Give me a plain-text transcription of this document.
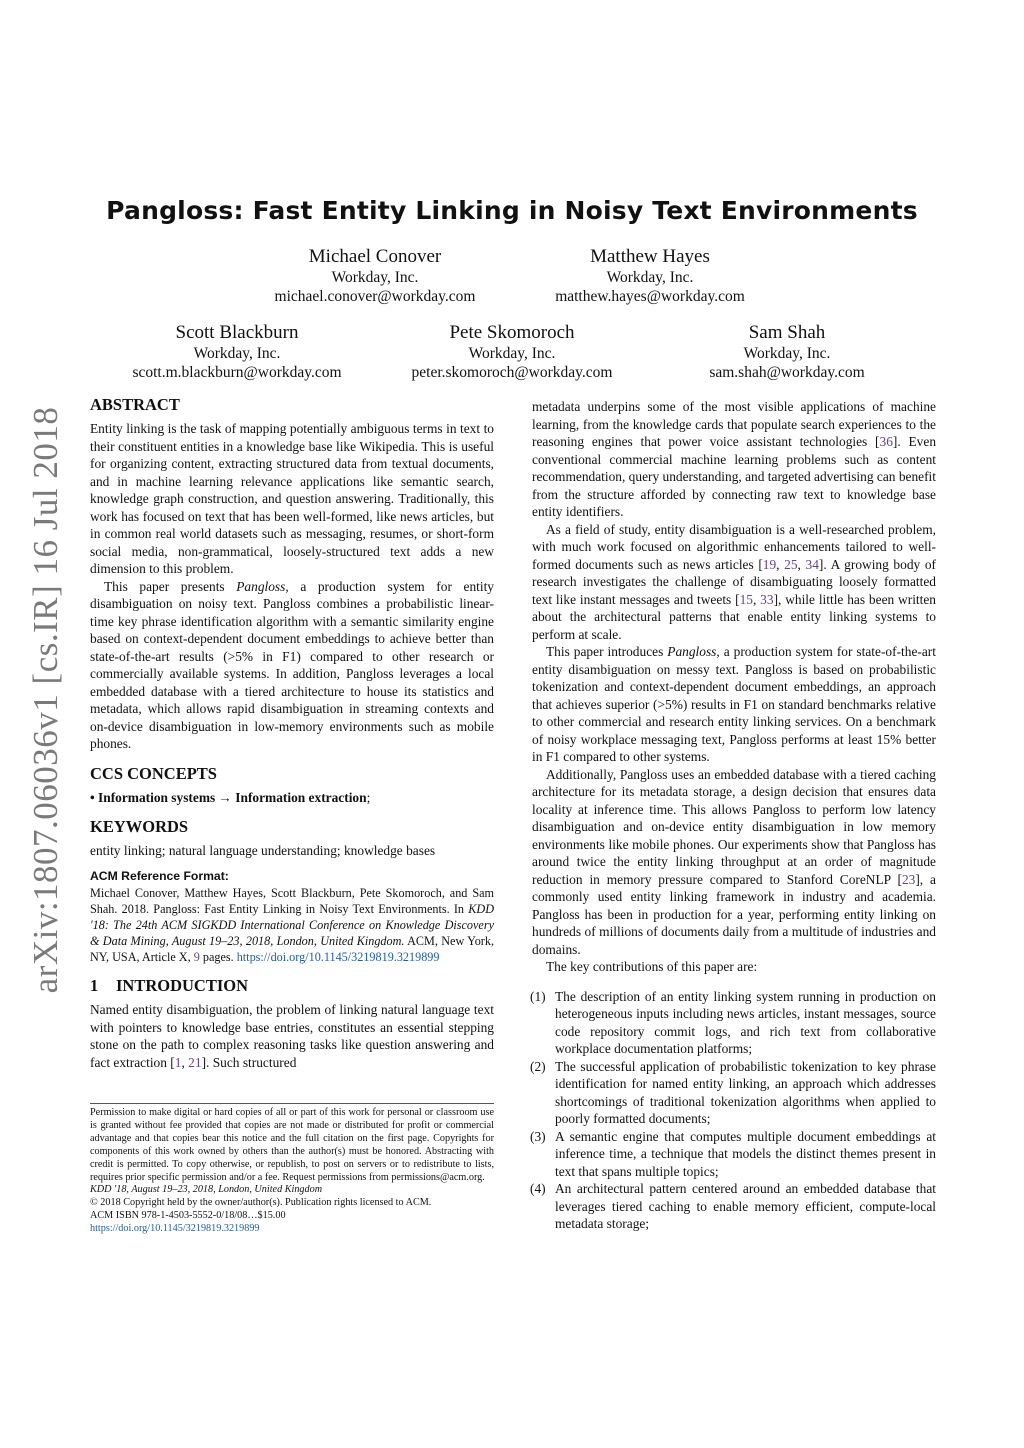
arXiv:1807.06036v1 [cs.IR] 16 Jul 2018
Pangloss: Fast Entity Linking in Noisy Text Environments
Michael Conover
Workday, Inc.
michael.conover@workday.com
Matthew Hayes
Workday, Inc.
matthew.hayes@workday.com
Scott Blackburn
Workday, Inc.
scott.m.blackburn@workday.com
Pete Skomoroch
Workday, Inc.
peter.skomoroch@workday.com
Sam Shah
Workday, Inc.
sam.shah@workday.com
ABSTRACT

Entity linking is the task of mapping potentially ambiguous terms in text to their constituent entities in a knowledge base like Wikipedia. This is useful for organizing content, extracting structured data from textual documents, and in machine learning relevance applications like semantic search, knowledge graph construction, and question answering. Traditionally, this work has focused on text that has been well-formed, like news articles, but in common real world datasets such as messaging, resumes, or short-form social media, non-grammatical, loosely-structured text adds a new dimension to this problem.

This paper presents Pangloss, a production system for entity disambiguation on noisy text. Pangloss combines a probabilistic linear-time key phrase identification algorithm with a semantic similarity engine based on context-dependent document embeddings to achieve better than state-of-the-art results (>5% in F1) compared to other research or commercially available systems. In addition, Pangloss leverages a local embedded database with a tiered architecture to house its statistics and metadata, which allows rapid disambiguation in streaming contexts and on-device disambiguation in low-memory environments such as mobile phones.

CCS CONCEPTS

• Information systems → Information extraction;

KEYWORDS

entity linking; natural language understanding; knowledge bases

ACM Reference Format:
Michael Conover, Matthew Hayes, Scott Blackburn, Pete Skomoroch, and Sam Shah. 2018. Pangloss: Fast Entity Linking in Noisy Text Environments. In KDD '18: The 24th ACM SIGKDD International Conference on Knowledge Discovery & Data Mining, August 19–23, 2018, London, United Kingdom. ACM, New York, NY, USA, Article X, 9 pages. https://doi.org/10.1145/3219819.3219899
1 INTRODUCTION

Named entity disambiguation, the problem of linking natural language text with pointers to knowledge base entries, constitutes an essential stepping stone on the path to complex reasoning tasks like question answering and fact extraction [1, 21]. Such structured

Permission to make digital or hard copies of all or part of this work for personal or classroom use is granted without fee provided that copies are not made or distributed for profit or commercial advantage and that copies bear this notice and the full citation on the first page. Copyrights for components of this work owned by others than the author(s) must be honored. Abstracting with credit is permitted. To copy otherwise, or republish, to post on servers or to redistribute to lists, requires prior specific permission and/or a fee. Request permissions from permissions@acm.org.
KDD '18, August 19–23, 2018, London, United Kingdom
© 2018 Copyright held by the owner/author(s). Publication rights licensed to ACM.
ACM ISBN 978-1-4503-5552-0/18/08…$15.00
https://doi.org/10.1145/3219819.3219899

metadata underpins some of the most visible applications of machine learning, from the knowledge cards that populate search experiences to the reasoning engines that power voice assistant technologies [36]. Even conventional commercial machine learning problems such as content recommendation, query understanding, and targeted advertising can benefit from the structure afforded by connecting raw text to knowledge base entity identifiers.

As a field of study, entity disambiguation is a well-researched problem, with much work focused on algorithmic enhancements tailored to well-formed documents such as news articles [19, 25, 34]. A growing body of research investigates the challenge of disambiguating loosely formatted text like instant messages and tweets [15, 33], while little has been written about the architectural patterns that enable entity linking systems to perform at scale.

This paper introduces Pangloss, a production system for state-of-the-art entity disambiguation on messy text. Pangloss is based on probabilistic tokenization and context-dependent document embeddings, an approach that achieves superior (>5%) results in F1 on standard benchmarks relative to other commercial and research entity linking services. On a benchmark of noisy workplace messaging text, Pangloss performs at least 15% better in F1 compared to other systems.

Additionally, Pangloss uses an embedded database with a tiered caching architecture for its metadata storage, a design decision that ensures data locality at inference time. This allows Pangloss to perform low latency disambiguation and on-device entity disambiguation in low memory environments like mobile phones. Our experiments show that Pangloss has around twice the entity linking throughput at an order of magnitude reduction in memory pressure compared to Stanford CoreNLP [23], a commonly used entity linking framework in industry and academia. Pangloss has been in production for a year, performing entity linking on hundreds of millions of documents daily from a multitude of industries and domains.

The key contributions of this paper are:

(1) The description of an entity linking system running in production on heterogeneous inputs including news articles, instant messages, source code repository commit logs, and rich text from collaborative workplace documentation platforms;
(2) The successful application of probabilistic tokenization to key phrase identification for named entity linking, an approach which addresses shortcomings of traditional tokenization algorithms when applied to poorly formatted documents;
(3) A semantic engine that computes multiple document embeddings at inference time, a technique that models the distinct themes present in text that spans multiple topics;
(4) An architectural pattern centered around an embedded database that leverages tiered caching to enable memory efficient, compute-local metadata storage;
